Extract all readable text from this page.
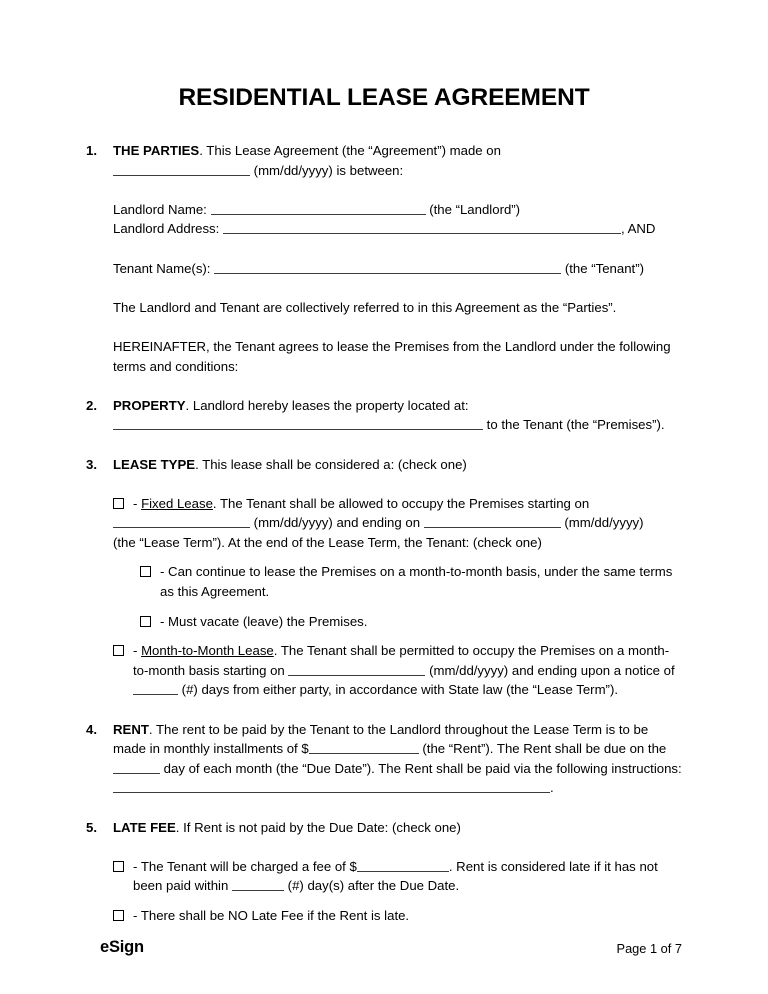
RESIDENTIAL LEASE AGREEMENT
1.	THE PARTIES. This Lease Agreement (the “Agreement”) made on
(mm/dd/yyyy) is between:
Landlord Name:	(the “Landlord”)
Landlord Address:	, AND
Tenant Name(s):	(the “Tenant”)
The Landlord and Tenant are collectively referred to in this Agreement as the “Parties”.
HEREINAFTER, the Tenant agrees to lease the Premises from the Landlord under the following terms and conditions:
2.	PROPERTY. Landlord hereby leases the property located at:
to the Tenant (the “Premises”).
3.	LEASE TYPE. This lease shall be considered a: (check one)
- Fixed Lease. The Tenant shall be allowed to occupy the Premises starting on
(mm/dd/yyyy) and ending on	(mm/dd/yyyy)
(the “Lease Term”). At the end of the Lease Term, the Tenant: (check one)
- Can continue to lease the Premises on a month-to-month basis, under the same terms as this Agreement.
- Must vacate (leave) the Premises.
- Month-to-Month Lease. The Tenant shall be permitted to occupy the Premises on a month-to-month basis starting on	(mm/dd/yyyy) and ending upon a notice of  (#) days from either party, in accordance with State law (the “Lease Term”).
4.	RENT. The rent to be paid by the Tenant to the Landlord throughout the Lease Term is to be made in monthly installments of $	(the “Rent”). The Rent shall be due on the  day of each month (the “Due Date”). The Rent shall be paid via the following instructions: .
5.	LATE FEE. If Rent is not paid by the Due Date: (check one)
- The Tenant will be charged a fee of $	. Rent is considered late if it has not been paid within	(#) day(s) after the Due Date.
- There shall be NO Late Fee if the Rent is late.
eSign	Page 1 of 7
